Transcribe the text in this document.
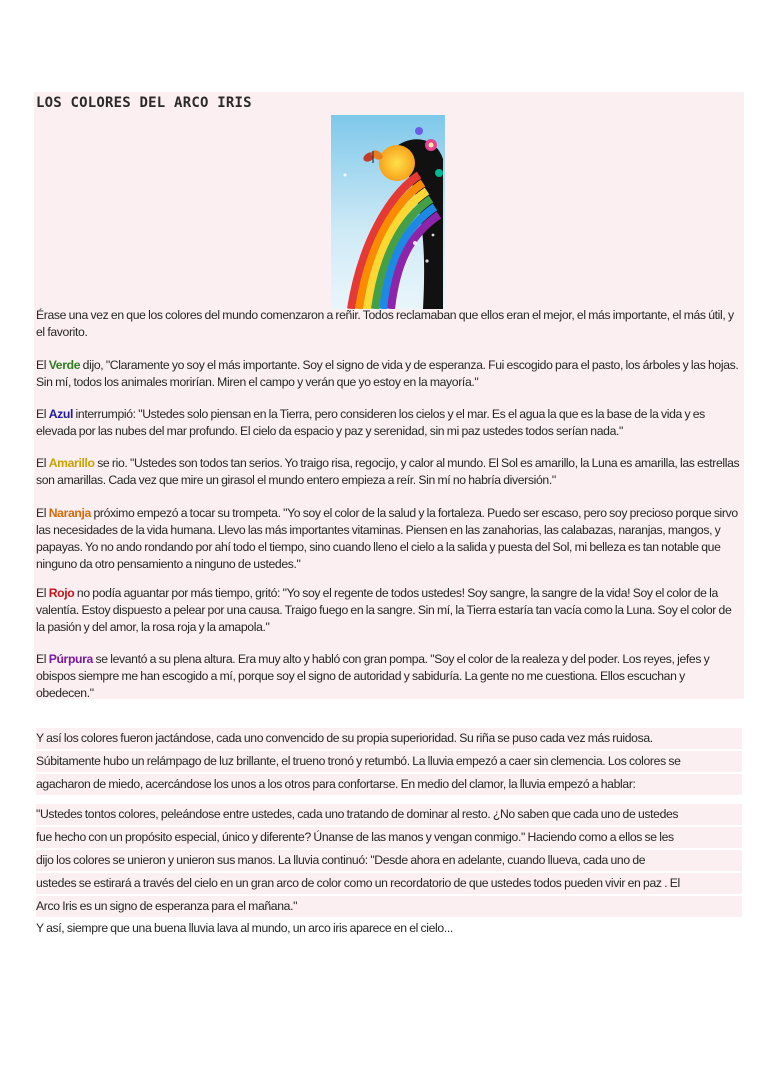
LOS COLORES DEL ARCO IRIS
Érase una vez en que los colores del mundo comenzaron a reñir. Todos reclamaban que ellos eran el mejor, el más importante, el más útil, y el favorito.
El Verde dijo, "Claramente yo soy el más importante. Soy el signo de vida y de esperanza. Fui escogido para el pasto, los árboles y las hojas. Sin mí, todos los animales morirían. Miren el campo y verán que yo estoy en la mayoría."
El Azul interrumpió: "Ustedes solo piensan en la Tierra, pero consideren los cielos y el mar. Es el agua la que es la base de la vida y es elevada por las nubes del mar profundo. El cielo da espacio y paz y serenidad, sin mi paz ustedes todos serían nada."
El Amarillo se rio. "Ustedes son todos tan serios. Yo traigo risa, regocijo, y calor al mundo. El Sol es amarillo, la Luna es amarilla, las estrellas son amarillas. Cada vez que mire un girasol el mundo entero empieza a reír. Sin mí no habría diversión."
El Naranja próximo empezó a tocar su trompeta. "Yo soy el color de la salud y la fortaleza. Puedo ser escaso, pero soy precioso porque sirvo las necesidades de la vida humana. Llevo las más importantes vitaminas. Piensen en las zanahorias, las calabazas, naranjas, mangos, y papayas. Yo no ando rondando por ahí todo el tiempo, sino cuando lleno el cielo a la salida y puesta del Sol, mi belleza es tan notable que ninguno da otro pensamiento a ninguno de ustedes."
El Rojo no podía aguantar por más tiempo, gritó: "Yo soy el regente de todos ustedes! Soy sangre, la sangre de la vida! Soy el color de la valentía. Estoy dispuesto a pelear por una causa. Traigo fuego en la sangre. Sin mí, la Tierra estaría tan vacía como la Luna. Soy el color de la pasión y del amor, la rosa roja y la amapola."
El Púrpura se levantó a su plena altura. Era muy alto y habló con gran pompa. "Soy el color de la realeza y del poder. Los reyes, jefes y obispos siempre me han escogido a mí, porque soy el signo de autoridad y sabiduría. La gente no me cuestiona. Ellos escuchan y obedecen."
Y así los colores fueron jactándose, cada uno convencido de su propia superioridad. Su riña se puso cada vez más ruidosa.
Súbitamente hubo un relámpago de luz brillante, el trueno tronó y retumbó. La lluvia empezó a caer sin clemencia. Los colores se
agacharon de miedo, acercándose los unos a los otros para confortarse. En medio del clamor, la lluvia empezó a hablar:
"Ustedes tontos colores, peleándose entre ustedes, cada uno tratando de dominar al resto. ¿No saben que cada uno de ustedes
fue hecho con un propósito especial, único y diferente? Únanse de las manos y vengan conmigo." Haciendo como a ellos se les
dijo los colores se unieron y unieron sus manos. La lluvia continuó: "Desde ahora en adelante, cuando llueva, cada uno de
ustedes se estirará a través del cielo en un gran arco de color como un recordatorio de que ustedes todos pueden vivir en paz . El
Arco Iris es un signo de esperanza para el mañana."
Y así, siempre que una buena lluvia lava al mundo, un arco iris aparece en el cielo...
